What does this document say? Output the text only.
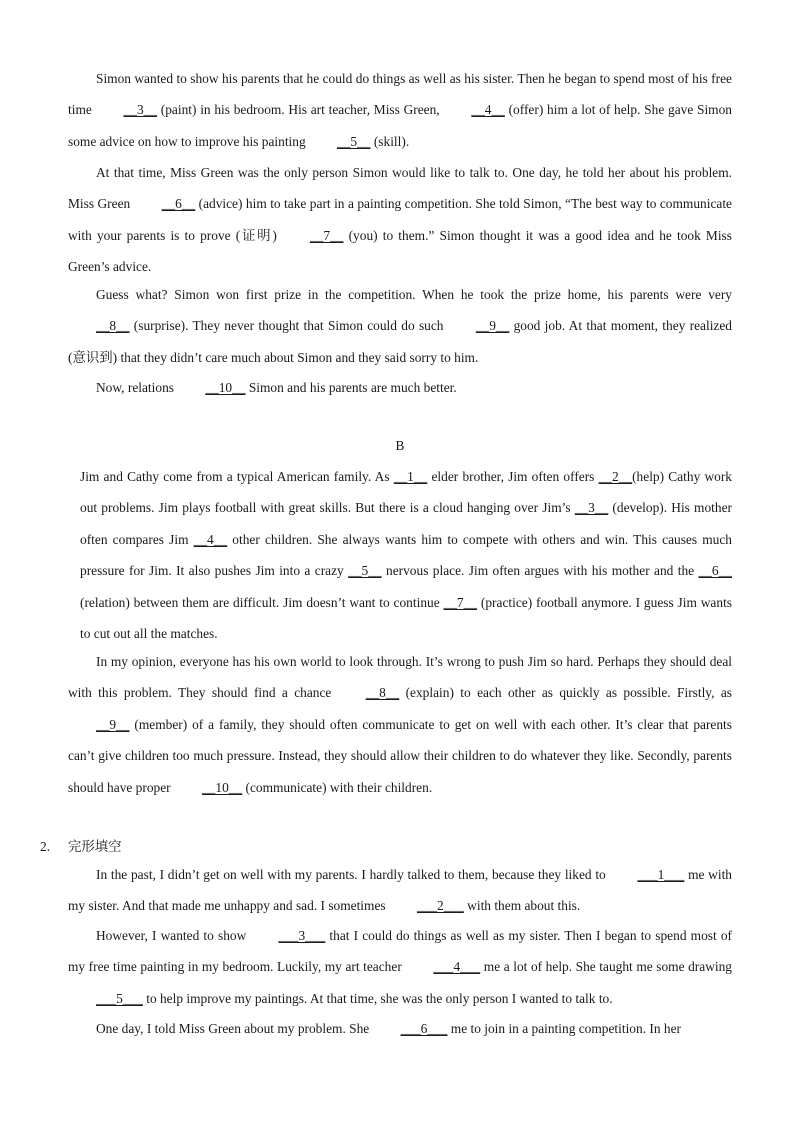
Simon wanted to show his parents that he could do things as well as his sister. Then he began to spend most of his free time __3__ (paint) in his bedroom. His art teacher, Miss Green, __4__ (offer) him a lot of help. She gave Simon some advice on how to improve his painting __5__ (skill).

At that time, Miss Green was the only person Simon would like to talk to. One day, he told her about his problem. Miss Green __6__ (advice) him to take part in a painting competition. She told Simon, “The best way to communicate with your parents is to prove (证明) __7__ (you) to them.” Simon thought it was a good idea and he took Miss Green’s advice.

Guess what? Simon won first prize in the competition. When he took the prize home, his parents were very __8__ (surprise). They never thought that Simon could do such __9__ good job. At that moment, they realized (意识到) that they didn’t care much about Simon and they said sorry to him.

Now, relations __10__ Simon and his parents are much better.

B

Jim and Cathy come from a typical American family. As __1__ elder brother, Jim often offers __2__(help) Cathy work out problems. Jim plays football with great skills. But there is a cloud hanging over Jim’s __3__ (develop). His mother often compares Jim __4__ other children. She always wants him to compete with others and win. This causes much pressure for Jim. It also pushes Jim into a crazy __5__ nervous place. Jim often argues with his mother and the __6__ (relation) between them are difficult. Jim doesn’t want to continue __7__ (practice) football anymore. I guess Jim wants to cut out all the matches.

In my opinion, everyone has his own world to look through. It’s wrong to push Jim so hard. Perhaps they should deal with this problem. They should find a chance __8__ (explain) to each other as quickly as possible. Firstly, as __9__ (member) of a family, they should often communicate to get on well with each other. It’s clear that parents can’t give children too much pressure. Instead, they should allow their children to do whatever they like. Secondly, parents should have proper __10__ (communicate) with their children.

2. 完形填空

In the past, I didn’t get on well with my parents. I hardly talked to them, because they liked to ___1___ me with my sister. And that made me unhappy and sad. I sometimes ___2___ with them about this.

However, I wanted to show ___3___ that I could do things as well as my sister. Then I began to spend most of my free time painting in my bedroom. Luckily, my art teacher ___4___ me a lot of help. She taught me some drawing ___5___ to help improve my paintings. At that time, she was the only person I wanted to talk to.

One day, I told Miss Green about my problem. She ___6___ me to join in a painting competition. In her
